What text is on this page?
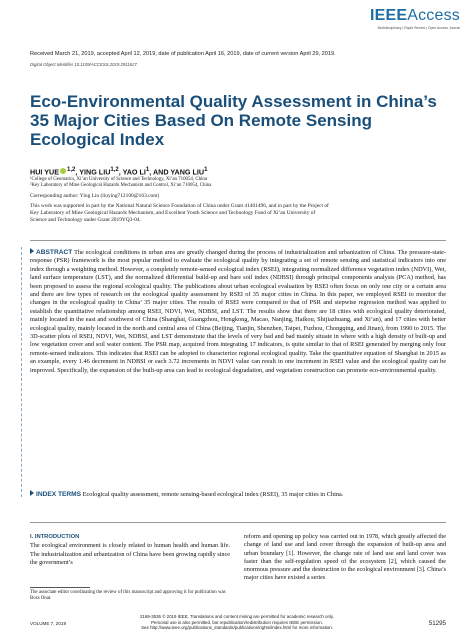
IEEEAccess
Multidisciplinary | Rapid Review | Open Access Journal
Received March 21, 2019, accepted April 12, 2019, date of publication April 16, 2019, date of current version April 29, 2019.
Digital Object Identifier 10.1109/ACCESS.2019.2911627
Eco-Environmental Quality Assessment in China’s
35 Major Cities Based On Remote Sensing
Ecological Index
HUI YUE $^{1,2}$, YING LIU$^{1,2}$, YAO $LI^1$, AND YANG LIU$^1$
¹College of Geomatics, Xi’an University of Science and Technology, Xi’an 710054, China
²Key Laboratory of Mine Geological Hazards Mechanism and Control, Xi’an 710054, China
Corresponding author: Ying Liu (liuying712100@163.com)
This work was supported in part by the National Natural Science Foundation of China under Grant 41401496, and in part by the Project of
Key Laboratory of Mine Geological Hazards Mechanism, and Excellent Youth Science and Technology Fund of Xi’an University of
Science and Technology under Grant 2019YQ3-04.
ABSTRACT The ecological conditions in urban area are greatly changed during the process of industrialization and urbanization of China. The pressure-state-response (PSR) framework is the most popular method to evaluate the ecological quality by integrating a set of remote sensing and statistical indicators into one index through a weighting method. However, a completely remote-sensed ecological index (RSEI), integrating normalized difference vegetation index (NDVI), Wet, land surface temperature (LST), and the normalized differential build-up and bare soil index (NDBSI) through principal components analysis (PCA) method, has been proposed to assess the regional ecological quality. The publications about urban ecological evaluation by RSEI often focus on only one city or a certain area and there are few types of research on the ecological quality assessment by RSEI of 35 major cities in China. In this paper, we employed RSEI to monitor the changes in the ecological quality in China’ 35 major cities. The results of RSEI were compared to that of PSR and stepwise regression method was applied to establish the quantitative relationship among RSEI, NDVI, Wet, NDBSI, and LST. The results show that there are 18 cities with ecological quality deteriorated, mainly located in the east and southwest of China (Shanghai, Guangzhou, Hongkong, Macao, Nanjing, Haikou, Shijiazhuang, and Xi’an), and 17 cities with better ecological quality, mainly located in the north and central area of China (Beijing, Tianjin, Shenzhen, Taipei, Fuzhou, Chongqing, and Jinan), from 1990 to 2015. The 3D-scatter plots of RSEI, NDVI, Wet, NDBSI, and LST demonstrate that the levels of very bad and bad mainly situate in where with a high density of built-up and low vegetation cover and soil water content. The PSR map, acquired from integrating 17 indicators, is quite similar to that of RSEI generated by merging only four remote-sensed indicators. This indicates that RSEI can be adopted to characterize regional ecological quality. Take the quantitative equation of Shanghai in 2015 as an example, every 1.46 decrement in NDBSI or each 3.72 increments in NDVI value can result in one increment in RSEI value and the ecological quality can be improved. Specifically, the expansion of the built-up area can lead to ecological degradation, and vegetation construction can promote eco-environmental quality.
INDEX TERMS Ecological quality assessment, remote sensing-based ecological index (RSEI), 35 major cities in China.
I. INTRODUCTION
The ecological environment is closely related to human health and human life. The industrialization and urbanization of China have been growing rapidly since the government’s
reform and opening up policy was carried out in 1978, which greatly affected the change of land use and land cover through the expansion of built-up area and urban boundary [1]. However, the change rate of land use and land cover was faster than the self-regulation speed of the ecosystem [2], which caused the enormous pressure and the destruction to the ecological environment [3]. China’s major cities have existed a series
The associate editor coordinating the review of this manuscript and approving it for publication was Bora Onat.
2169-3536 © 2019 IEEE. Translations and content mining are permitted for academic research only.
Personal use is also permitted, but republication/redistribution requires IEEE permission.
See http://www.ieee.org/publications_standards/publications/rights/index.html for more information.
VOLUME 7, 2019	51295
